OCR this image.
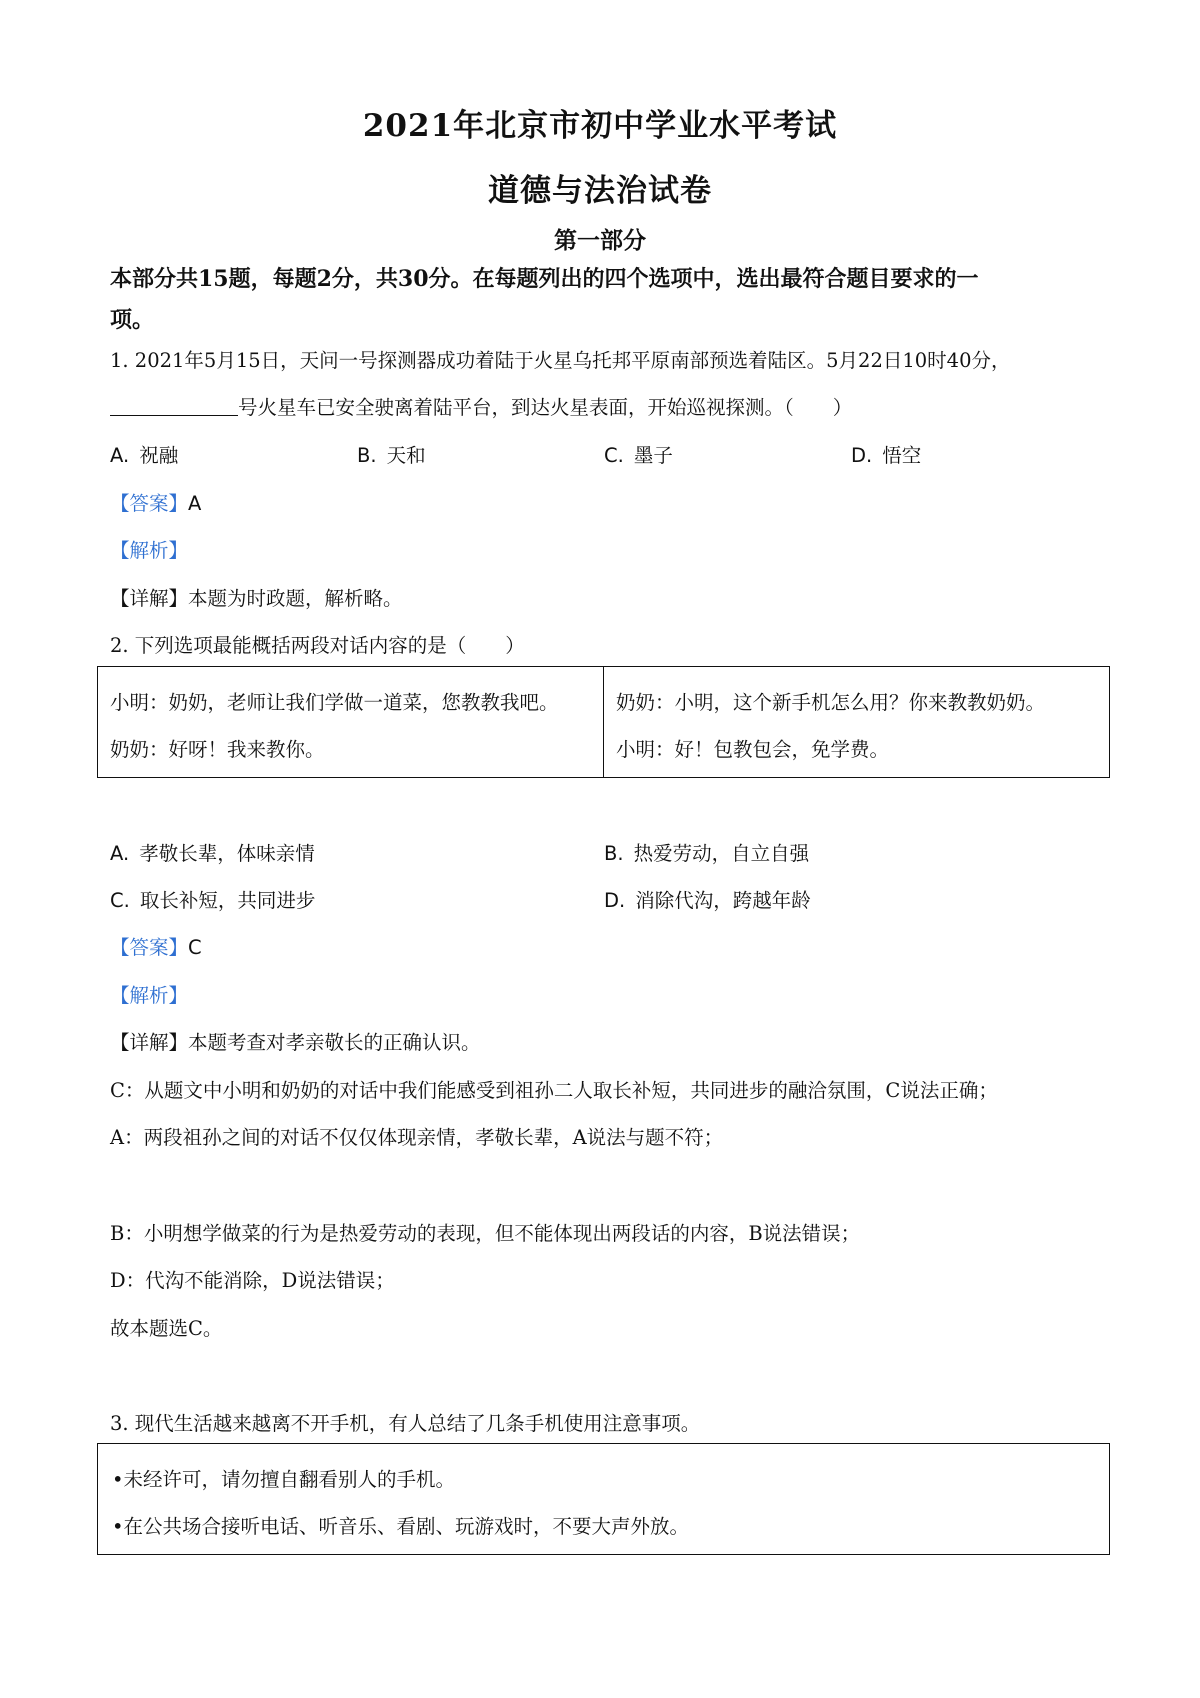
2021年北京市初中学业水平考试
道德与法治试卷
第一部分
本部分共15题，每题2分，共30分。在每题列出的四个选项中，选出最符合题目要求的一
项。
1. 2021年5月15日，天问一号探测器成功着陆于火星乌托邦平原南部预选着陆区。5月22日10时40分，
号火星车已安全驶离着陆平台，到达火星表面，开始巡视探测。（　　）
A. 祝融	B. 天和	C. 墨子	D. 悟空
【答案】A
【解析】
【详解】本题为时政题，解析略。
2. 下列选项最能概括两段对话内容的是（　　）
小明：奶奶，老师让我们学做一道菜，您教教我吧。
奶奶：好呀！我来教你。
奶奶：小明，这个新手机怎么用？你来教教奶奶。
小明：好！包教包会，免学费。
A. 孝敬长辈，体味亲情	B. 热爱劳动，自立自强
C. 取长补短，共同进步	D. 消除代沟，跨越年龄
【答案】C
【解析】
【详解】本题考查对孝亲敬长的正确认识。
C：从题文中小明和奶奶的对话中我们能感受到祖孙二人取长补短，共同进步的融洽氛围，C说法正确；
A：两段祖孙之间的对话不仅仅体现亲情，孝敬长辈，A说法与题不符；
B：小明想学做菜的行为是热爱劳动的表现，但不能体现出两段话的内容，B说法错误；
D：代沟不能消除，D说法错误；
故本题选C。
3. 现代生活越来越离不开手机，有人总结了几条手机使用注意事项。
•未经许可，请勿擅自翻看别人的手机。
•在公共场合接听电话、听音乐、看剧、玩游戏时，不要大声外放。
